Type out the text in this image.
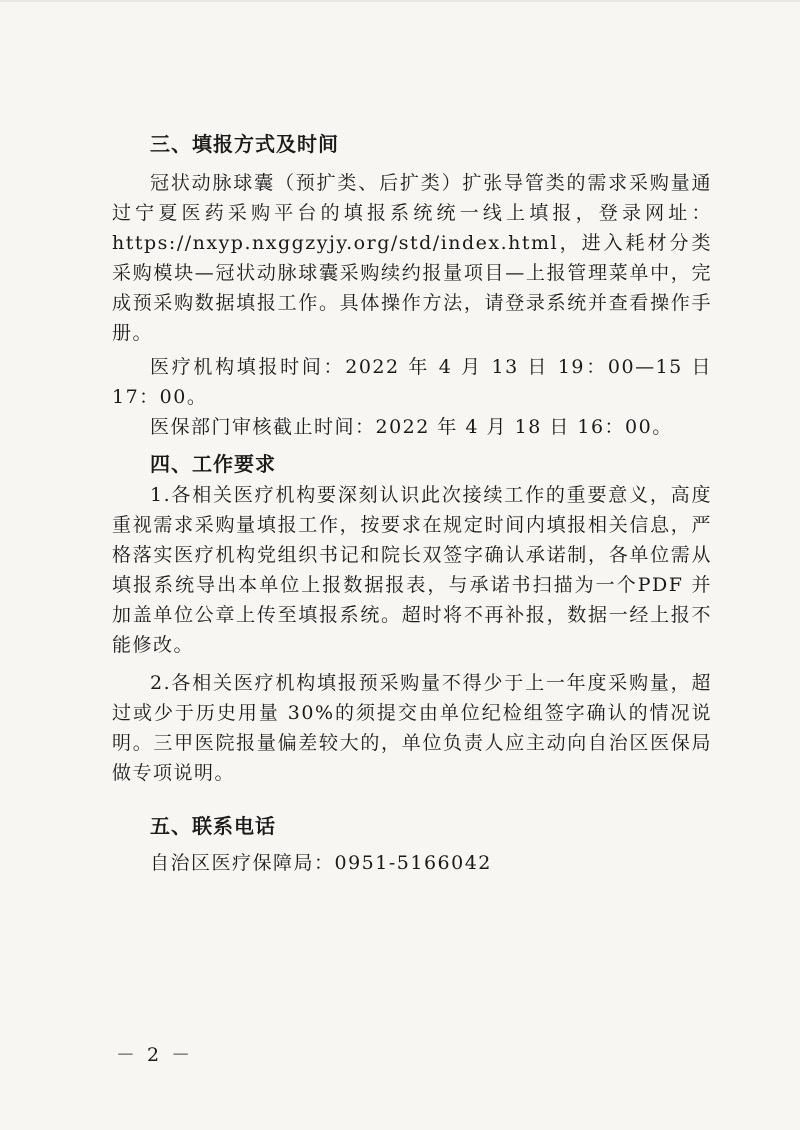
三、填报方式及时间

冠状动脉球囊（预扩类、后扩类）扩张导管类的需求采购量通过宁夏医药采购平台的填报系统统一线上填报，登录网址：https://nxyp.nxggzyjy.org/std/index.html，进入耗材分类采购模块—冠状动脉球囊采购续约报量项目—上报管理菜单中，完成预采购数据填报工作。具体操作方法，请登录系统并查看操作手册。

医疗机构填报时间：2022 年 4 月 13 日 19：00—15 日 17：00。

医保部门审核截止时间：2022 年 4 月 18 日 16：00。

四、工作要求

1.各相关医疗机构要深刻认识此次接续工作的重要意义，高度重视需求采购量填报工作，按要求在规定时间内填报相关信息，严格落实医疗机构党组织书记和院长双签字确认承诺制，各单位需从填报系统导出本单位上报数据报表，与承诺书扫描为一个PDF 并加盖单位公章上传至填报系统。超时将不再补报，数据一经上报不能修改。

2.各相关医疗机构填报预采购量不得少于上一年度采购量，超过或少于历史用量 30%的须提交由单位纪检组签字确认的情况说明。三甲医院报量偏差较大的，单位负责人应主动向自治区医保局做专项说明。

五、联系电话

自治区医疗保障局：0951-5166042

－ 2 －
